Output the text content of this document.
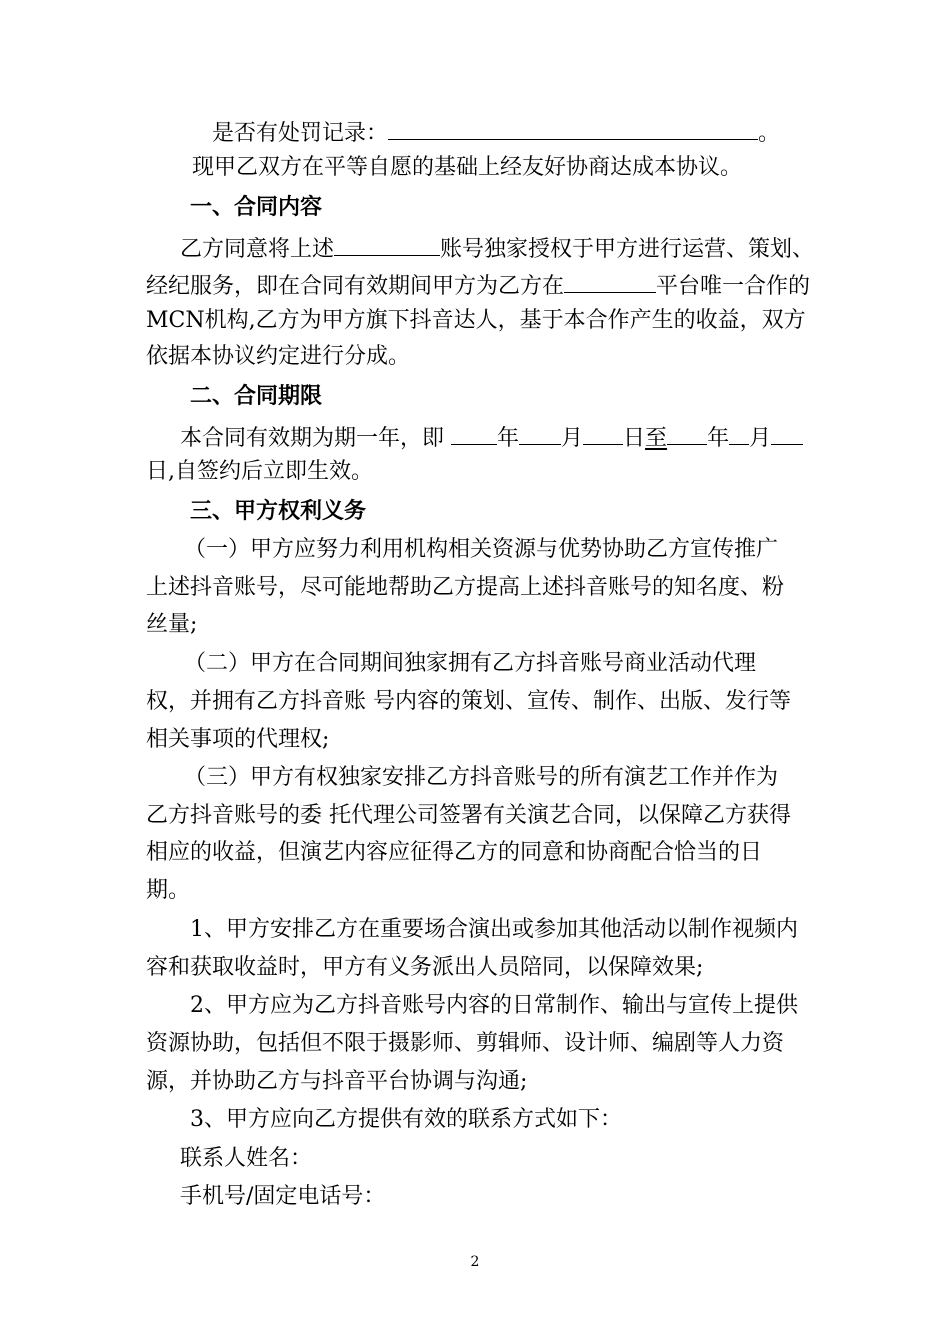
是否有处罚记录：	。
现甲乙双方在平等自愿的基础上经友好协商达成本协议。
一、合同内容
乙方同意将上述	账号独家授权于甲方进行运营、策划、
经纪服务，即在合同有效期间甲方为乙方在	平台唯一合作的
MCN机构,乙方为甲方旗下抖音达人，基于本合作产生的收益，双方
依据本协议约定进行分成。
二、合同期限
本合同有效期为期一年，即 年 月 日至 年 月
日,自签约后立即生效。
三、甲方权利义务
（一）甲方应努力利用机构相关资源与优势协助乙方宣传推广
上述抖音账号，尽可能地帮助乙方提高上述抖音账号的知名度、粉
丝量;
（二）甲方在合同期间独家拥有乙方抖音账号商业活动代理
权，并拥有乙方抖音账 号内容的策划、宣传、制作、出版、发行等
相关事项的代理权;
（三）甲方有权独家安排乙方抖音账号的所有演艺工作并作为
乙方抖音账号的委 托代理公司签署有关演艺合同，以保障乙方获得
相应的收益，但演艺内容应征得乙方的同意和协商配合恰当的日
期。
1、甲方安排乙方在重要场合演出或参加其他活动以制作视频内
容和获取收益时，甲方有义务派出人员陪同，以保障效果;
2、甲方应为乙方抖音账号内容的日常制作、输出与宣传上提供
资源协助，包括但不限于摄影师、剪辑师、设计师、编剧等人力资
源，并协助乙方与抖音平台协调与沟通;
3、甲方应向乙方提供有效的联系方式如下：
联系人姓名：
手机号/固定电话号：
2
